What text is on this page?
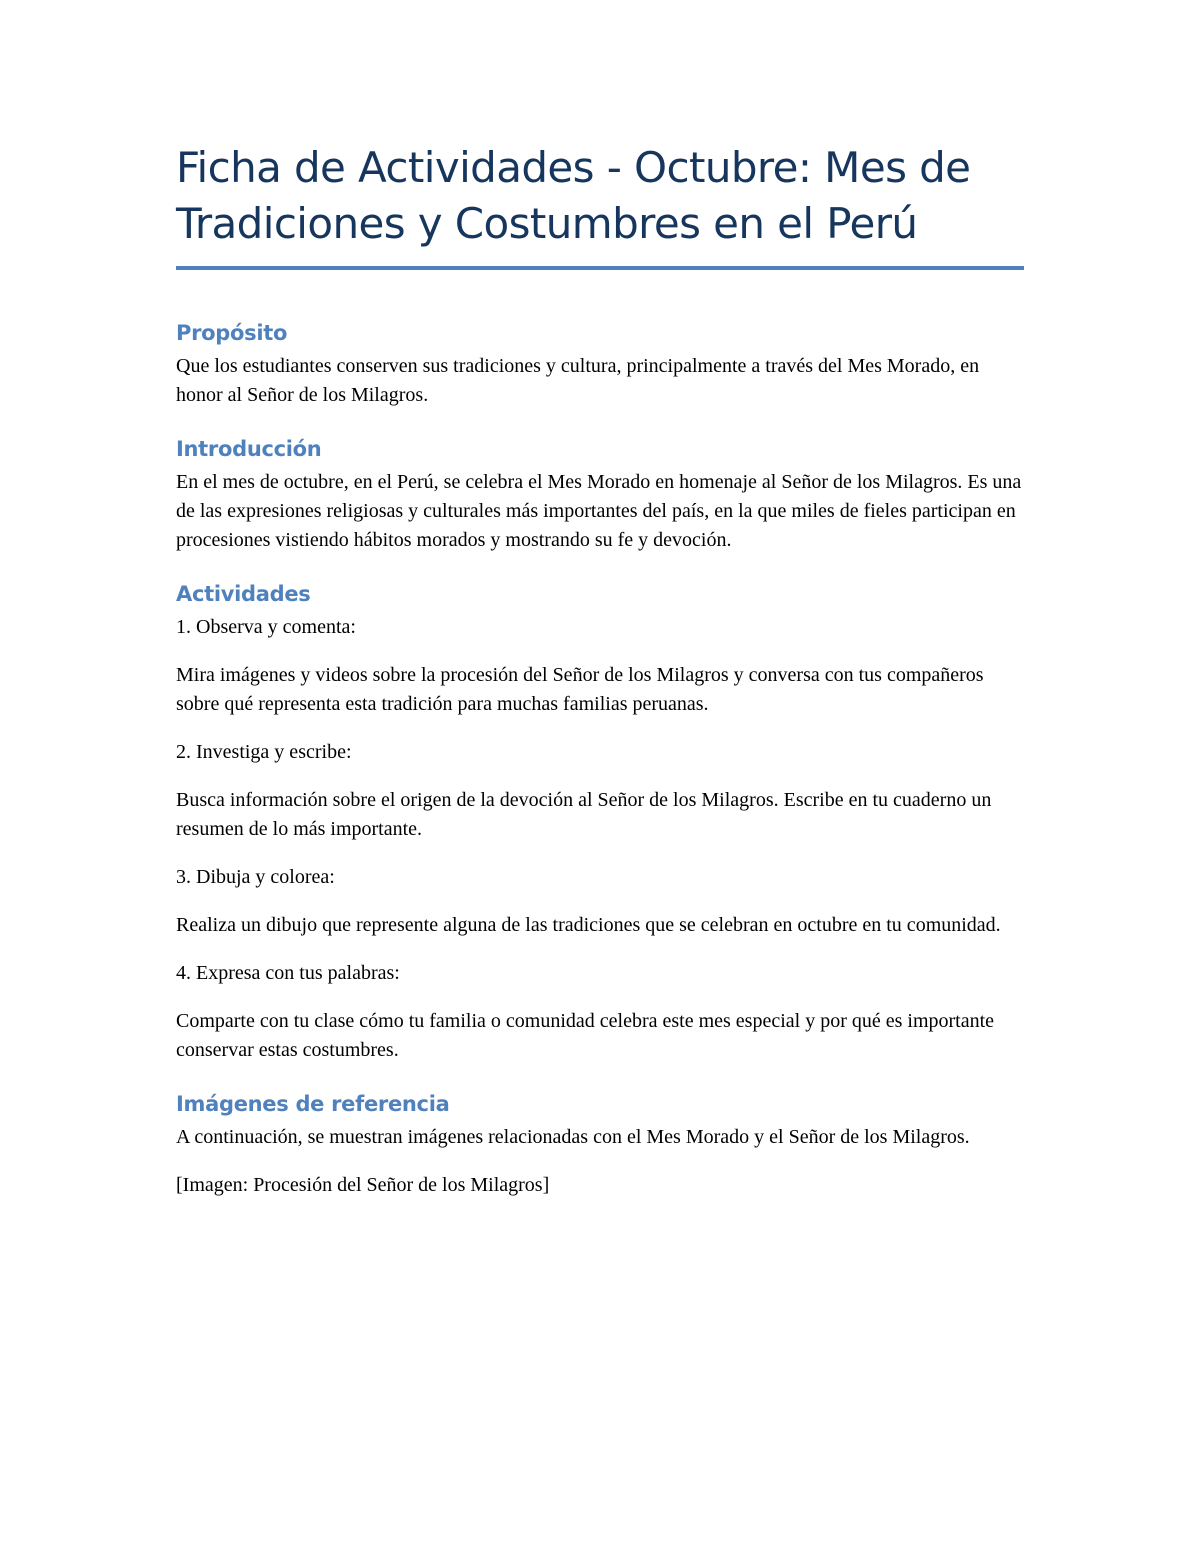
Ficha de Actividades - Octubre: Mes de Tradiciones y Costumbres en el Perú
Propósito

Que los estudiantes conserven sus tradiciones y cultura, principalmente a través del Mes Morado, en honor al Señor de los Milagros.

Introducción

En el mes de octubre, en el Perú, se celebra el Mes Morado en homenaje al Señor de los Milagros. Es una de las expresiones religiosas y culturales más importantes del país, en la que miles de fieles participan en procesiones vistiendo hábitos morados y mostrando su fe y devoción.

Actividades

1. Observa y comenta:

Mira imágenes y videos sobre la procesión del Señor de los Milagros y conversa con tus compañeros sobre qué representa esta tradición para muchas familias peruanas.

2. Investiga y escribe:

Busca información sobre el origen de la devoción al Señor de los Milagros. Escribe en tu cuaderno un resumen de lo más importante.

3. Dibuja y colorea:

Realiza un dibujo que represente alguna de las tradiciones que se celebran en octubre en tu comunidad.

4. Expresa con tus palabras:

Comparte con tu clase cómo tu familia o comunidad celebra este mes especial y por qué es importante conservar estas costumbres.

Imágenes de referencia

A continuación, se muestran imágenes relacionadas con el Mes Morado y el Señor de los Milagros.

[Imagen: Procesión del Señor de los Milagros]
